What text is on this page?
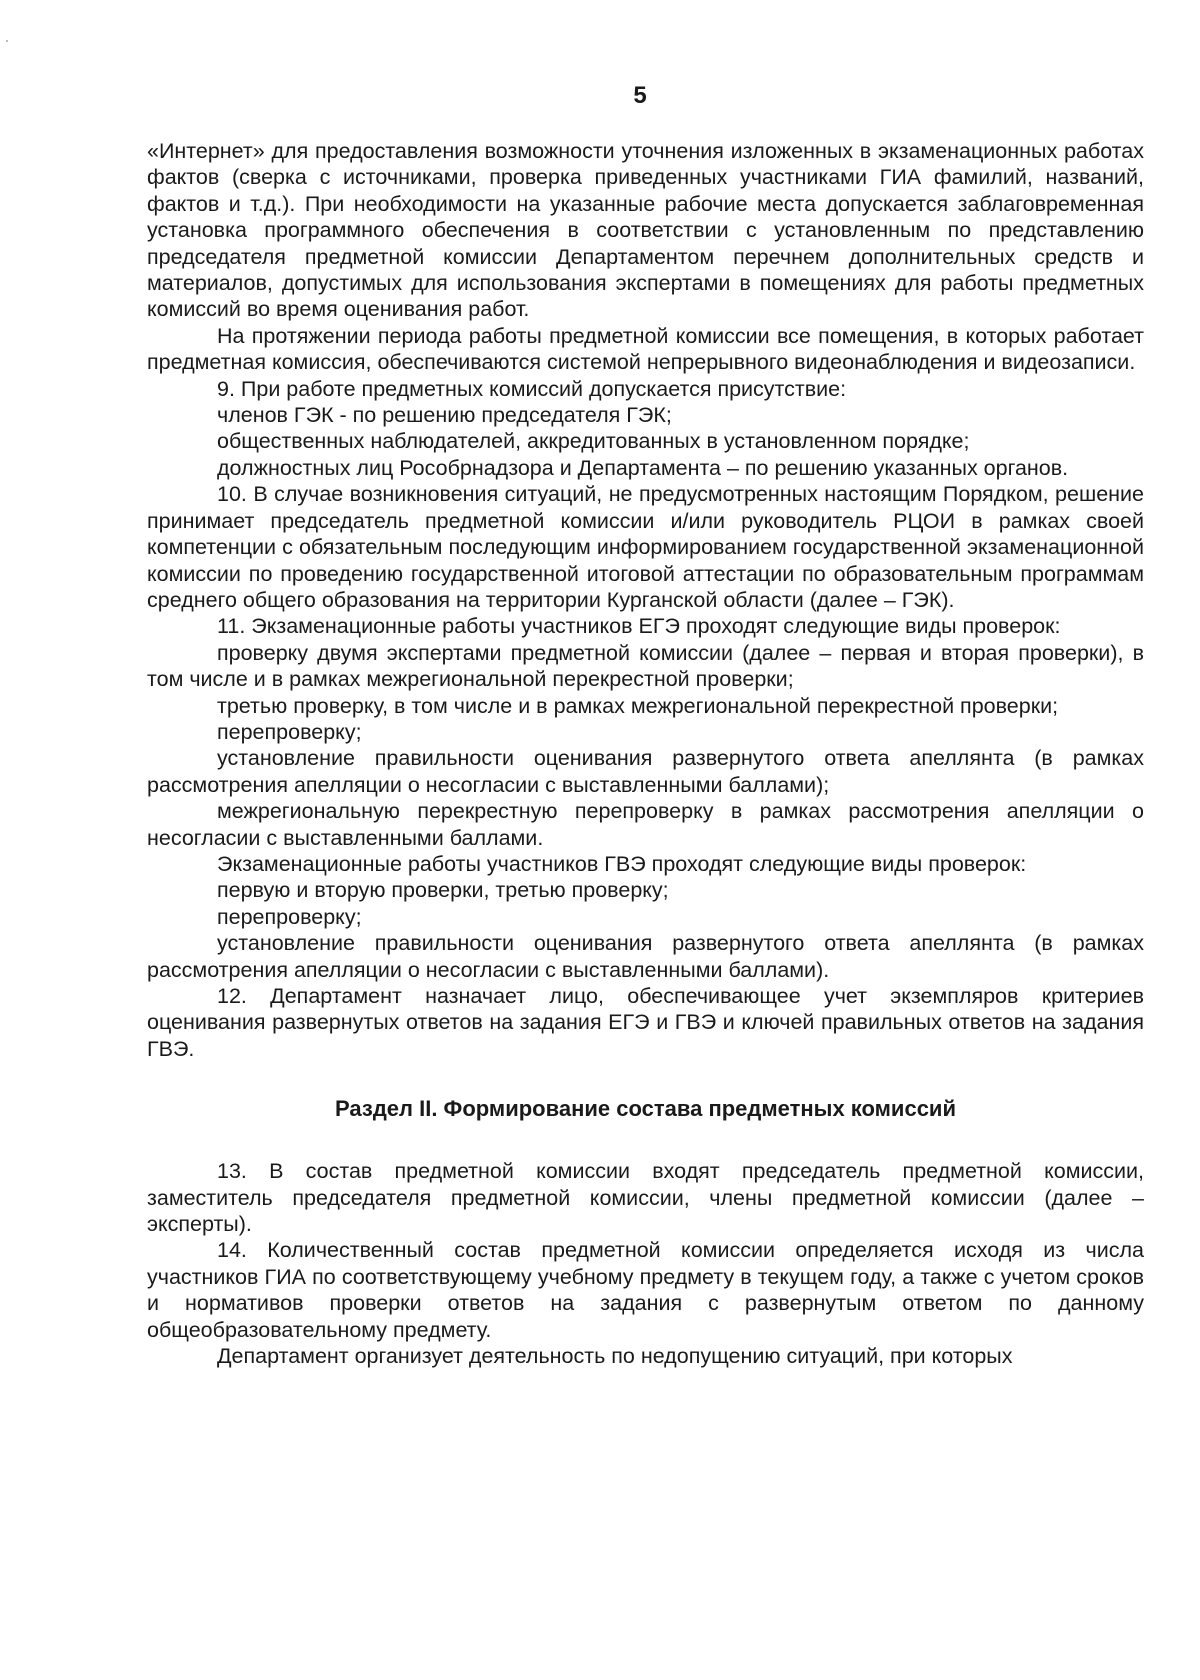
5

«Интернет» для предоставления возможности уточнения изложенных в экзаменационных работах фактов (сверка с источниками, проверка приведенных участниками ГИА фамилий, названий, фактов и т.д.). При необходимости на указанные рабочие места допускается заблаговременная установка программного обеспечения в соответствии с установленным по представлению председателя предметной комиссии Департаментом перечнем дополнительных средств и материалов, допустимых для использования экспертами в помещениях для работы предметных комиссий во время оценивания работ.

На протяжении периода работы предметной комиссии все помещения, в которых работает предметная комиссия, обеспечиваются системой непрерывного видеонаблюдения и видеозаписи.

9. При работе предметных комиссий допускается присутствие:

членов ГЭК - по решению председателя ГЭК;

общественных наблюдателей, аккредитованных в установленном порядке;

должностных лиц Рособрнадзора и Департамента – по решению указанных органов.

10. В случае возникновения ситуаций, не предусмотренных настоящим Порядком, решение принимает председатель предметной комиссии и/или руководитель РЦОИ в рамках своей компетенции с обязательным последующим информированием государственной экзаменационной комиссии по проведению государственной итоговой аттестации по образовательным программам среднего общего образования на территории Курганской области (далее – ГЭК).

11. Экзаменационные работы участников ЕГЭ проходят следующие виды проверок:

проверку двумя экспертами предметной комиссии (далее – первая и вторая проверки), в том числе и в рамках межрегиональной перекрестной проверки;

третью проверку, в том числе и в рамках межрегиональной перекрестной проверки;

перепроверку;

установление правильности оценивания развернутого ответа апеллянта (в рамках рассмотрения апелляции о несогласии с выставленными баллами);

межрегиональную перекрестную перепроверку в рамках рассмотрения апелляции о несогласии с выставленными баллами.

Экзаменационные работы участников ГВЭ проходят следующие виды проверок:

первую и вторую проверки, третью проверку;

перепроверку;

установление правильности оценивания развернутого ответа апеллянта (в рамках рассмотрения апелляции о несогласии с выставленными баллами).

12. Департамент назначает лицо, обеспечивающее учет экземпляров критериев оценивания развернутых ответов на задания ЕГЭ и ГВЭ и ключей правильных ответов на задания ГВЭ.

Раздел II. Формирование состава предметных комиссий

13. В состав предметной комиссии входят председатель предметной комиссии, заместитель председателя предметной комиссии, члены предметной комиссии (далее – эксперты).

14. Количественный состав предметной комиссии определяется исходя из числа участников ГИА по соответствующему учебному предмету в текущем году, а также с учетом сроков и нормативов проверки ответов на задания с развернутым ответом по данному общеобразовательному предмету.

Департамент организует деятельность по недопущению ситуаций, при которых
